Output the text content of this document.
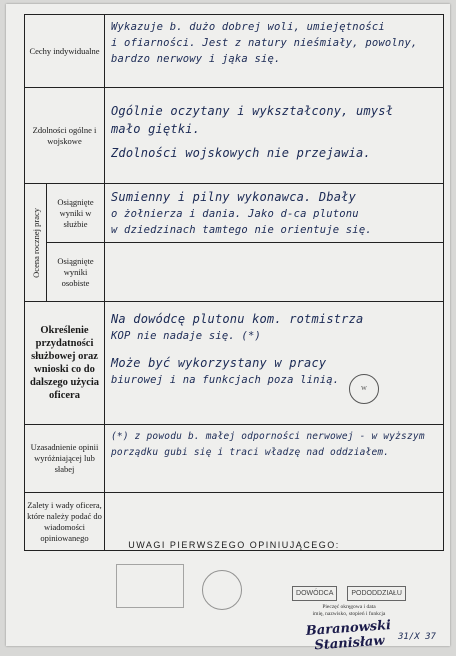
Cechy indywidualne
Wykazuje b. dużo dobrej woli, umiejętności
i ofiarności. Jest z natury nieśmiały, powolny,
bardzo nerwowy i jąka się.
Zdolności ogólne i wojskowe
Ogólnie oczytany i wykształcony, umysł
mało giętki.
Zdolności wojskowych nie przejawia.
Ocena rocznej pracy
Osiągnięte wyniki w służbie
Sumienny i pilny wykonawca. Dbały
o żołnierza i dania. Jako d-ca plutonu
w dziedzinach tamtego nie orientuje się.
Osiągnięte wyniki osobiste
Określenie przydatności służbowej oraz wnioski co do dalszego użycia oficera
Na dowódcę plutonu kom. rotmistrza
KOP nie nadaje się. (*)
Może być wykorzystany w pracy
biurowej i na funkcjach poza linią.
W
Uzasadnienie opinii wyróżniającej lub słabej
(*) z powodu b. małej odporności nerwowej - w wyższym
porządku gubi się i traci władzę nad oddziałem.
Zalety i wady oficera, które należy podać do wiadomości opiniowanego
UWAGI PIERWSZEGO OPINIUJĄCEGO:
DOWÓDCA	PODODDZIAŁU
Pieczęć okręgowa i data
imię, nazwisko, stopień i funkcja
Baranowski Stanisław	31/X 37
